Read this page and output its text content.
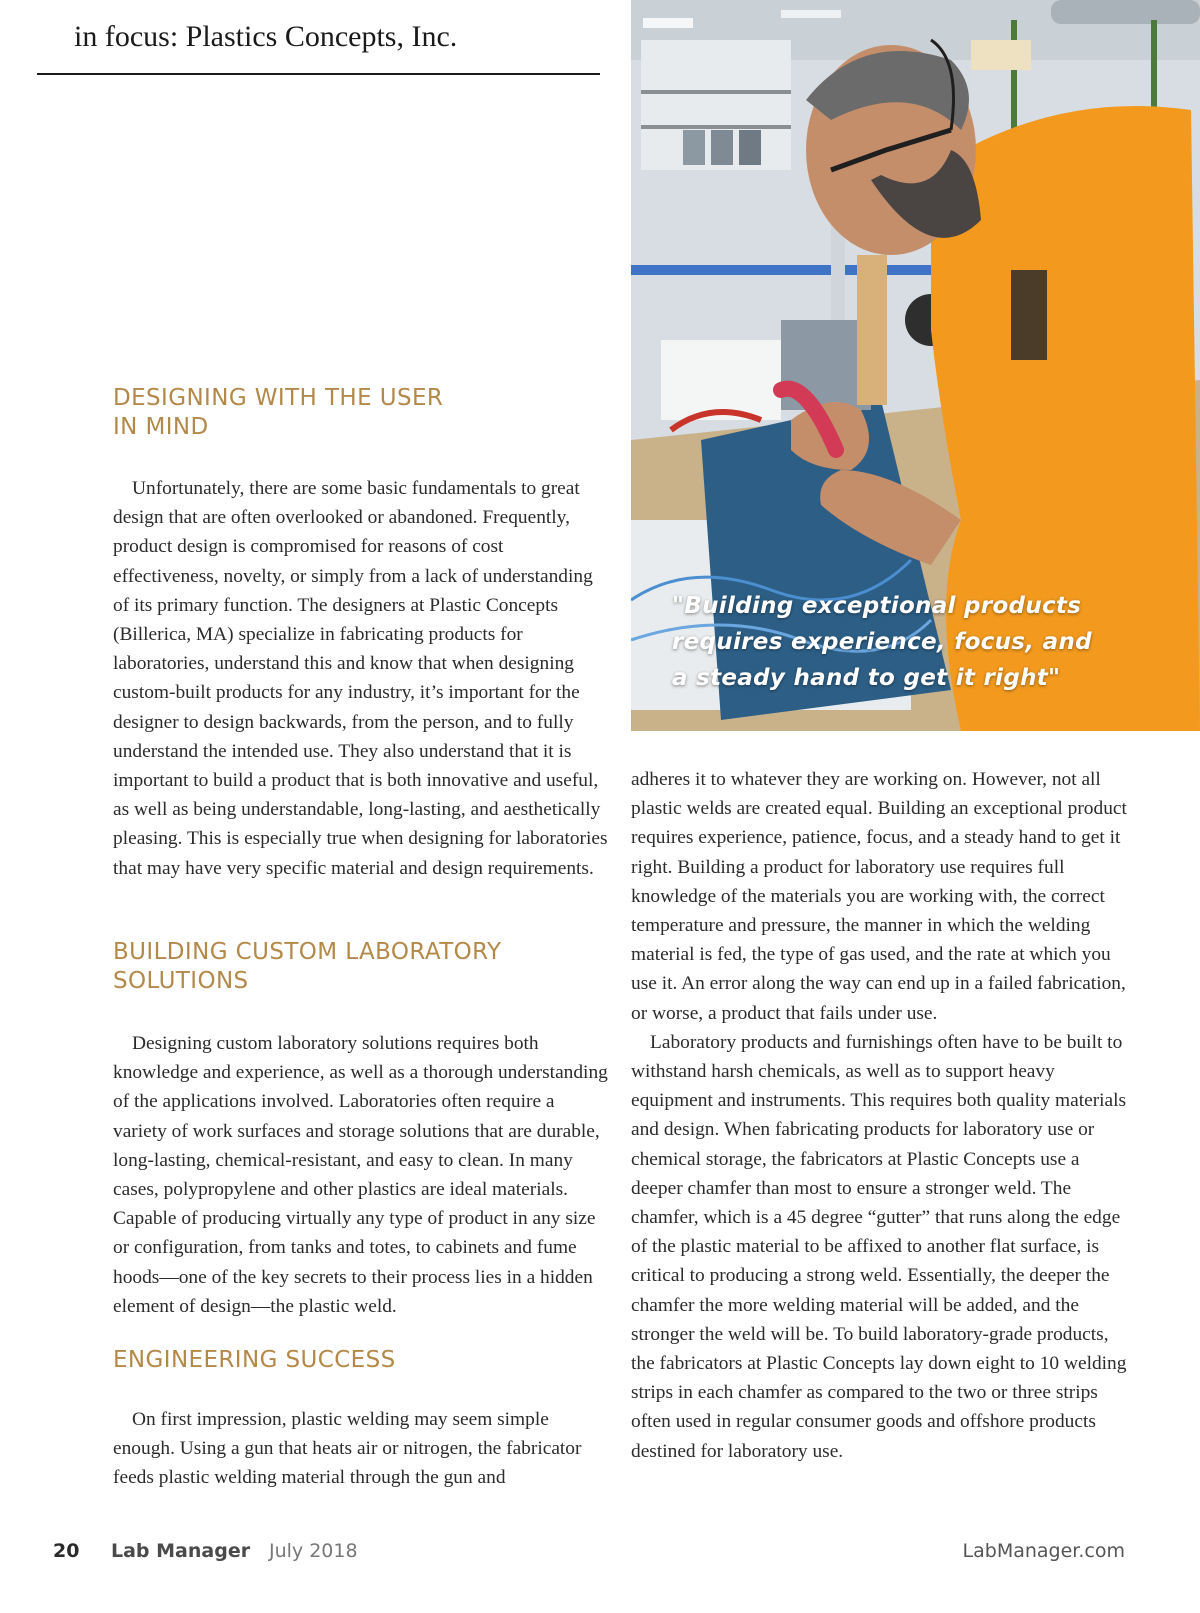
in focus: Plastics Concepts, Inc.
"Building exceptional products requires experience, focus, and a steady hand to get it right"
DESIGNING WITH THE USER
IN MIND

Unfortunately, there are some basic fundamentals to great design that are often overlooked or abandoned. Frequently, product design is compromised for reasons of cost effectiveness, novelty, or simply from a lack of understanding of its primary function. The designers at Plastic Concepts (Billerica, MA) specialize in fabricating products for laboratories, understand this and know that when designing custom-built products for any industry, it’s important for the designer to design backwards, from the person, and to fully understand the intended use. They also understand that it is important to build a product that is both innovative and useful, as well as being understandable, long-lasting, and aesthetically pleasing. This is especially true when designing for laboratories that may have very specific material and design requirements.

BUILDING CUSTOM LABORATORY
SOLUTIONS

Designing custom laboratory solutions requires both knowledge and experience, as well as a thorough understanding of the applications involved. Laboratories often require a variety of work surfaces and storage solutions that are durable, long-lasting, chemical-resistant, and easy to clean. In many cases, polypropylene and other plastics are ideal materials. Capable of producing virtually any type of product in any size or configuration, from tanks and totes, to cabinets and fume hoods—one of the key secrets to their process lies in a hidden element of design—the plastic weld.

ENGINEERING SUCCESS

On first impression, plastic welding may seem simple enough. Using a gun that heats air or nitrogen, the fabricator feeds plastic welding material through the gun and

adheres it to whatever they are working on. However, not all plastic welds are created equal. Building an exceptional product requires experience, patience, focus, and a steady hand to get it right. Building a product for laboratory use requires full knowledge of the materials you are working with, the correct temperature and pressure, the manner in which the welding material is fed, the type of gas used, and the rate at which you use it. An error along the way can end up in a failed fabrication, or worse, a product that fails under use.

Laboratory products and furnishings often have to be built to withstand harsh chemicals, as well as to support heavy equipment and instruments. This requires both quality materials and design. When fabricating products for laboratory use or chemical storage, the fabricators at Plastic Concepts use a deeper chamfer than most to ensure a stronger weld. The chamfer, which is a 45 degree “gutter” that runs along the edge of the plastic material to be affixed to another flat surface, is critical to producing a strong weld. Essentially, the deeper the chamfer the more welding material will be added, and the stronger the weld will be. To build laboratory-grade products, the fabricators at Plastic Concepts lay down eight to 10 welding strips in each chamfer as compared to the two or three strips often used in regular consumer goods and offshore products destined for laboratory use.

20 Lab Manager July 2018	LabManager.com
